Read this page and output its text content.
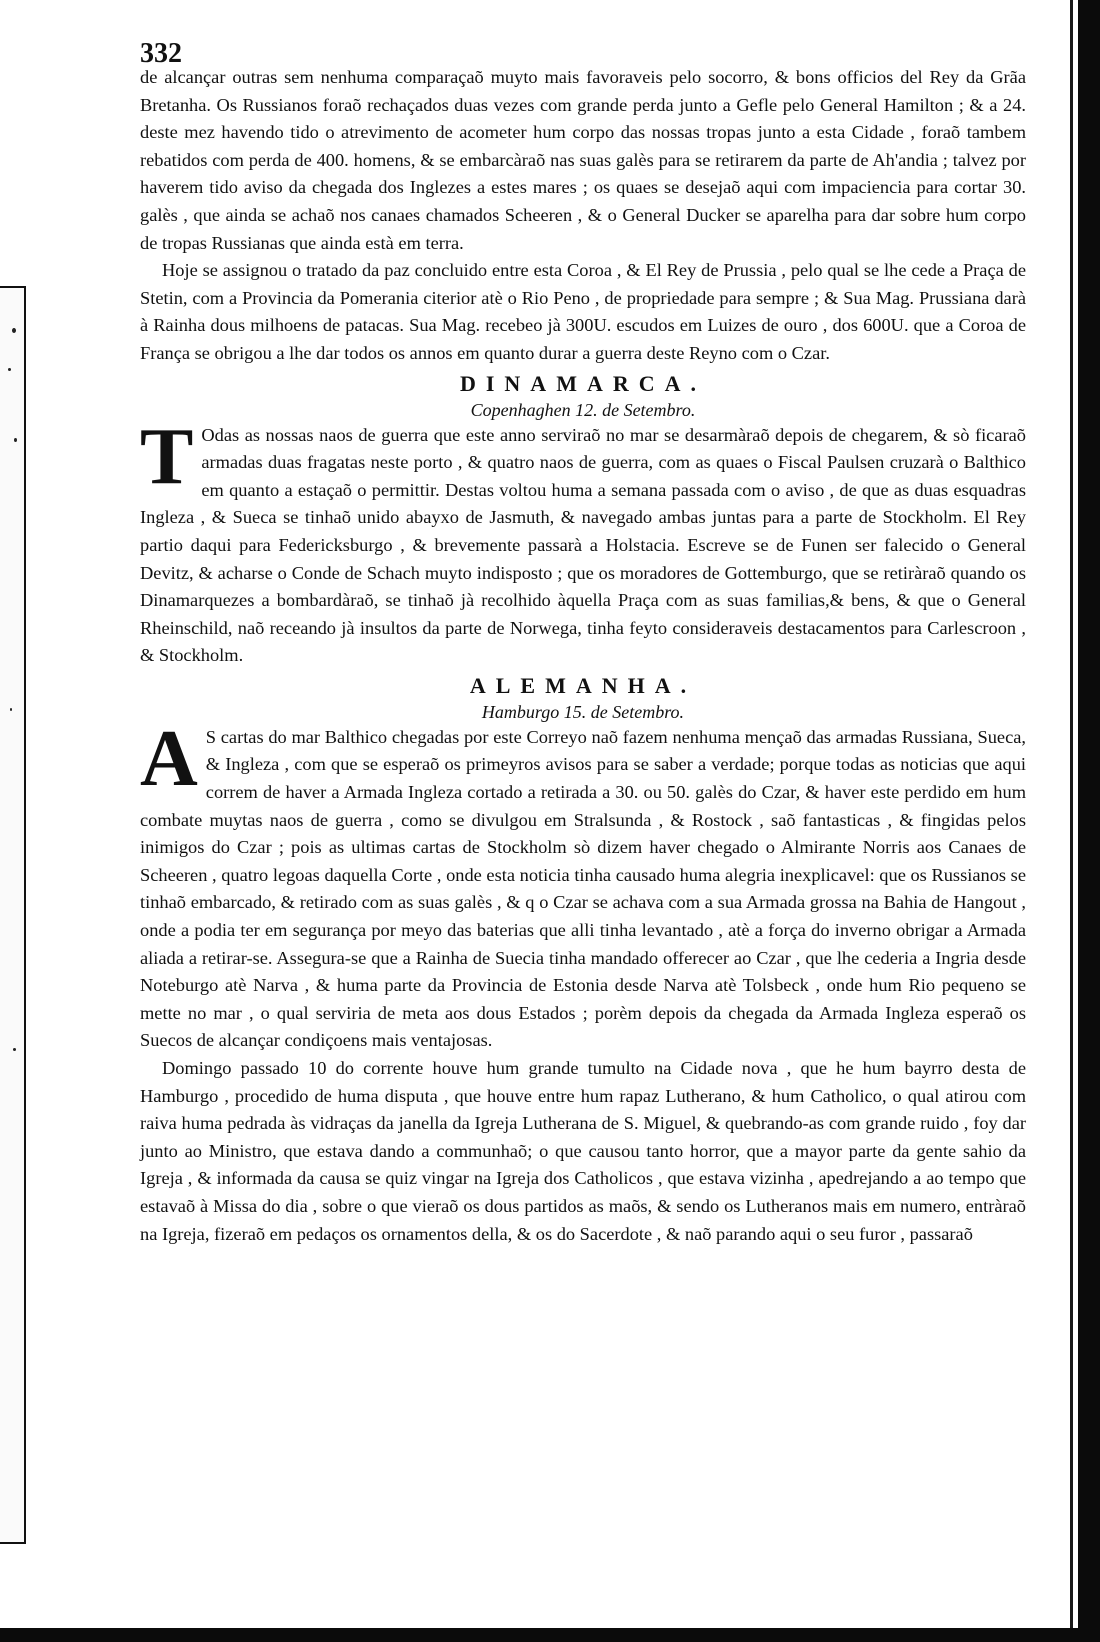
332

de alcançar outras sem nenhuma comparaçaõ muyto mais favoraveis pelo socorro, & bons officios del Rey da Grãa Bretanha. Os Russianos foraõ rechaçados duas vezes com grande perda junto a Gefle pelo General Hamilton ; & a 24. deste mez havendo tido o atrevimento de acometer hum corpo das nossas tropas junto a esta Cidade , foraõ tambem rebatidos com perda de 400. homens, & se embarcàraõ nas suas galès para se retirarem da parte de Ah'andia ; talvez por haverem tido aviso da chegada dos Inglezes a estes mares ; os quaes se desejaõ aqui com impaciencia para cortar 30. galès , que ainda se achaõ nos canaes chamados Scheeren , & o General Ducker se aparelha para dar sobre hum corpo de tropas Russianas que ainda està em terra.

Hoje se assignou o tratado da paz concluido entre esta Coroa , & El Rey de Prussia , pelo qual se lhe cede a Praça de Stetin, com a Provincia da Pomerania citerior atè o Rio Peno , de propriedade para sempre ; & Sua Mag. Prussiana darà à Rainha dous milhoens de patacas. Sua Mag. recebeo jà 300U. escudos em Luizes de ouro , dos 600U. que a Coroa de França se obrigou a lhe dar todos os annos em quanto durar a guerra deste Reyno com o Czar.

DINAMARCA.
Copenhaghen 12. de Setembro.
T Odas as nossas naos de guerra que este anno serviraõ no mar se desarmàraõ depois de chegarem, & sò ficaraõ armadas duas fragatas neste porto , & quatro naos de guerra, com as quaes o Fiscal Paulsen cruzarà o Balthico em quanto a estaçaõ o permittir. Destas voltou huma a semana passada com o aviso , de que as duas esquadras Ingleza , & Sueca se tinhaõ unido abayxo de Jasmuth, & navegado ambas juntas para a parte de Stockholm. El Rey partio daqui para Federicksburgo , & brevemente passarà a Holstacia. Escreve se de Funen ser falecido o General Devitz, & acharse o Conde de Schach muyto indisposto ; que os moradores de Gottemburgo, que se retiràraõ quando os Dinamarquezes a bombardàraõ, se tinhaõ jà recolhido àquella Praça com as suas familias,& bens, & que o General Rheinschild, naõ receando jà insultos da parte de Norwega, tinha feyto consideraveis destacamentos para Carlescroon , & Stockholm.

ALEMANHA.
Hamburgo 15. de Setembro.
A S cartas do mar Balthico chegadas por este Correyo naõ fazem nenhuma mençaõ das armadas Russiana, Sueca, & Ingleza , com que se esperaõ os primeyros avisos para se saber a verdade; porque todas as noticias que aqui correm de haver a Armada Ingleza cortado a retirada a 30. ou 50. galès do Czar, & haver este perdido em hum combate muytas naos de guerra , como se divulgou em Stralsunda , & Rostock , saõ fantasticas , & fingidas pelos inimigos do Czar ; pois as ultimas cartas de Stockholm sò dizem haver chegado o Almirante Norris aos Canaes de Scheeren , quatro legoas daquella Corte , onde esta noticia tinha causado huma alegria inexplicavel: que os Russianos se tinhaõ embarcado, & retirado com as suas galès , & q o Czar se achava com a sua Armada grossa na Bahia de Hangout , onde a podia ter em segurança por meyo das baterias que alli tinha levantado , atè a força do inverno obrigar a Armada aliada a retirar-se. Assegura-se que a Rainha de Suecia tinha mandado offerecer ao Czar , que lhe cederia a Ingria desde Noteburgo atè Narva , & huma parte da Provincia de Estonia desde Narva atè Tolsbeck , onde hum Rio pequeno se mette no mar , o qual serviria de meta aos dous Estados ; porèm depois da chegada da Armada Ingleza esperaõ os Suecos de alcançar condiçoens mais ventajosas.

Domingo passado 10 do corrente houve hum grande tumulto na Cidade nova , que he hum bayrro desta de Hamburgo , procedido de huma disputa , que houve entre hum rapaz Lutherano, & hum Catholico, o qual atirou com raiva huma pedrada às vidraças da janella da Igreja Lutherana de S. Miguel, & quebrando-as com grande ruido , foy dar junto ao Ministro, que estava dando a communhaõ; o que causou tanto horror, que a mayor parte da gente sahio da Igreja , & informada da causa se quiz vingar na Igreja dos Catholicos , que estava vizinha , apedrejando a ao tempo que estavaõ à Missa do dia , sobre o que vieraõ os dous partidos as maõs, & sendo os Lutheranos mais em numero, entràraõ na Igreja, fizeraõ em pedaços os ornamentos della, & os do Sacerdote , & naõ parando aqui o seu furor , passaraõ
